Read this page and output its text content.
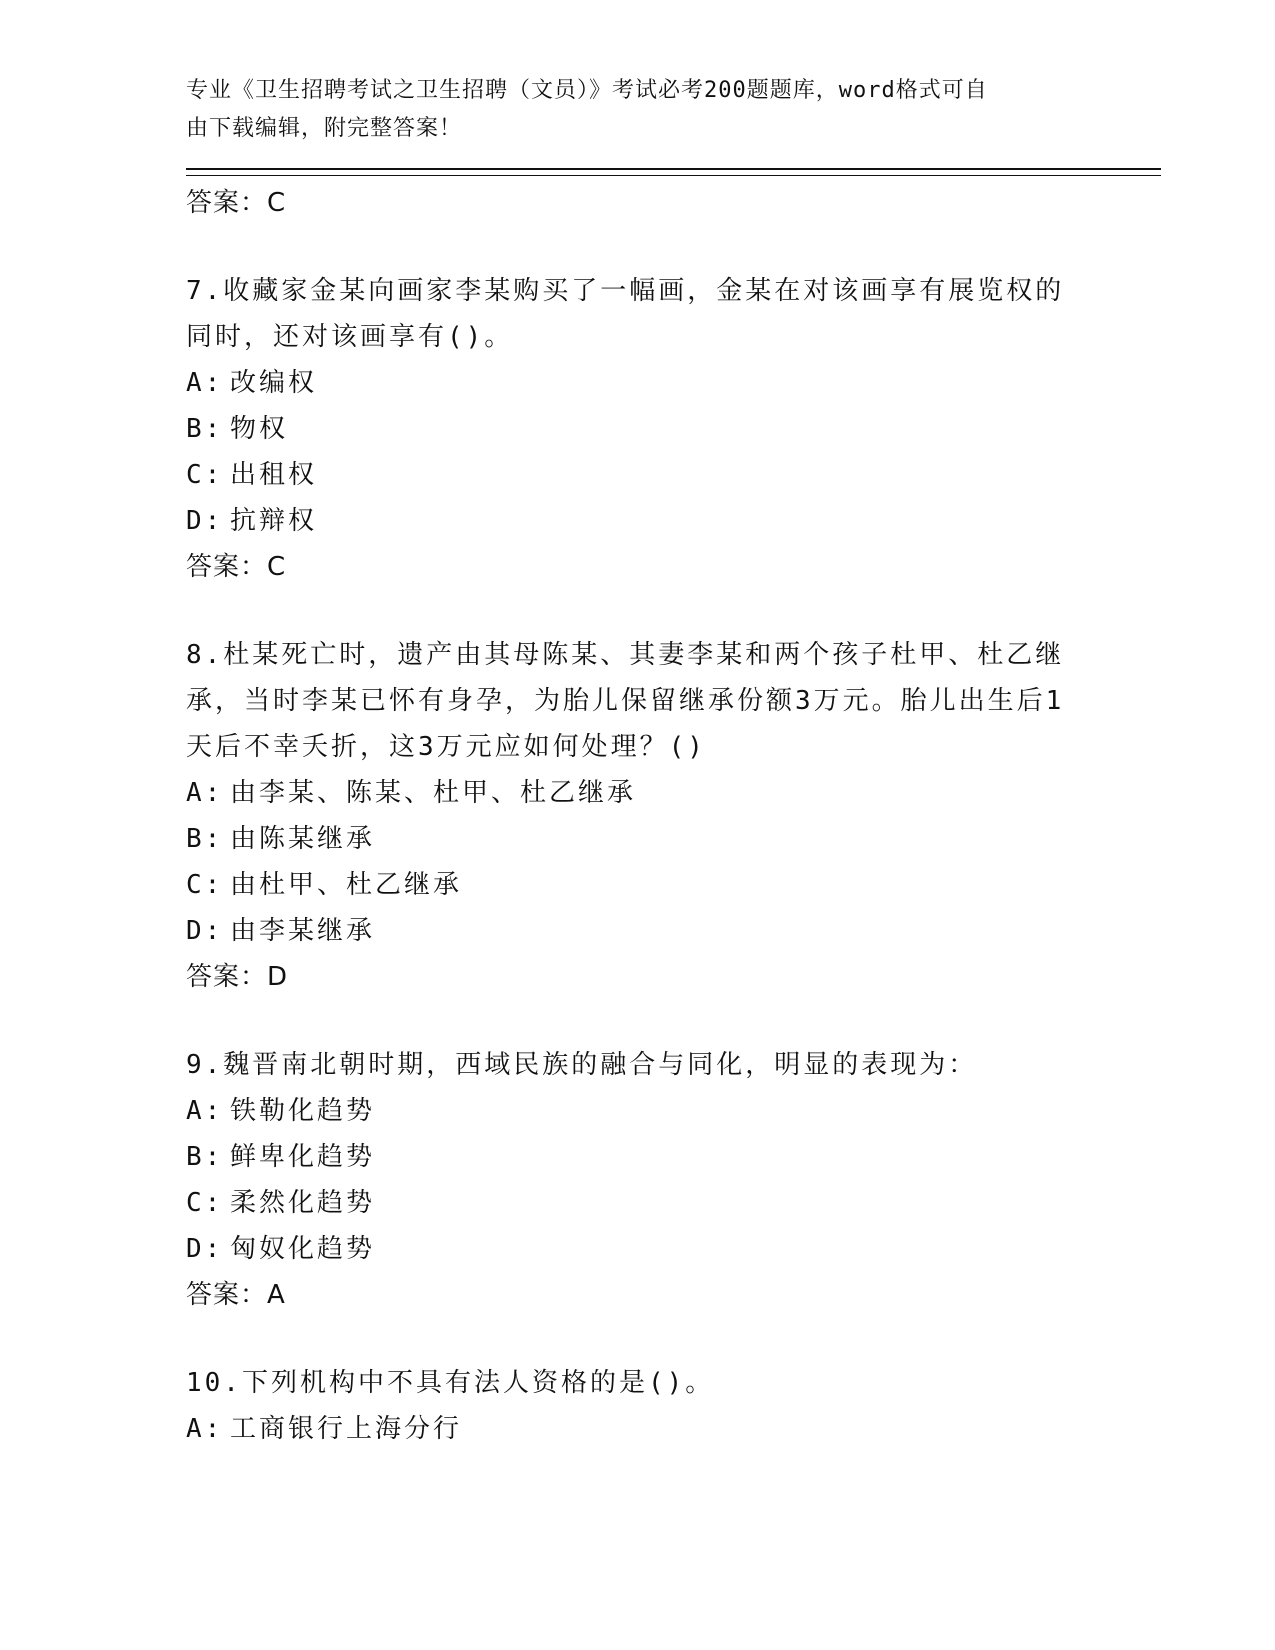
专业《卫生招聘考试之卫生招聘（文员）》考试必考200题题库，word格式可自
由下载编辑，附完整答案！
答案：C
7.收藏家金某向画家李某购买了一幅画，金某在对该画享有展览权的同时，还对该画享有()。
A: 改编权
B: 物权
C: 出租权
D: 抗辩权
答案：C
8.杜某死亡时，遗产由其母陈某、其妻李某和两个孩子杜甲、杜乙继承，当时李某已怀有身孕，为胎儿保留继承份额3万元。胎儿出生后1天后不幸夭折，这3万元应如何处理？()
A: 由李某、陈某、杜甲、杜乙继承
B: 由陈某继承
C: 由杜甲、杜乙继承
D: 由李某继承
答案：D
9.魏晋南北朝时期，西域民族的融合与同化，明显的表现为：
A: 铁勒化趋势
B: 鲜卑化趋势
C: 柔然化趋势
D: 匈奴化趋势
答案：A
10.下列机构中不具有法人资格的是()。
A: 工商银行上海分行
